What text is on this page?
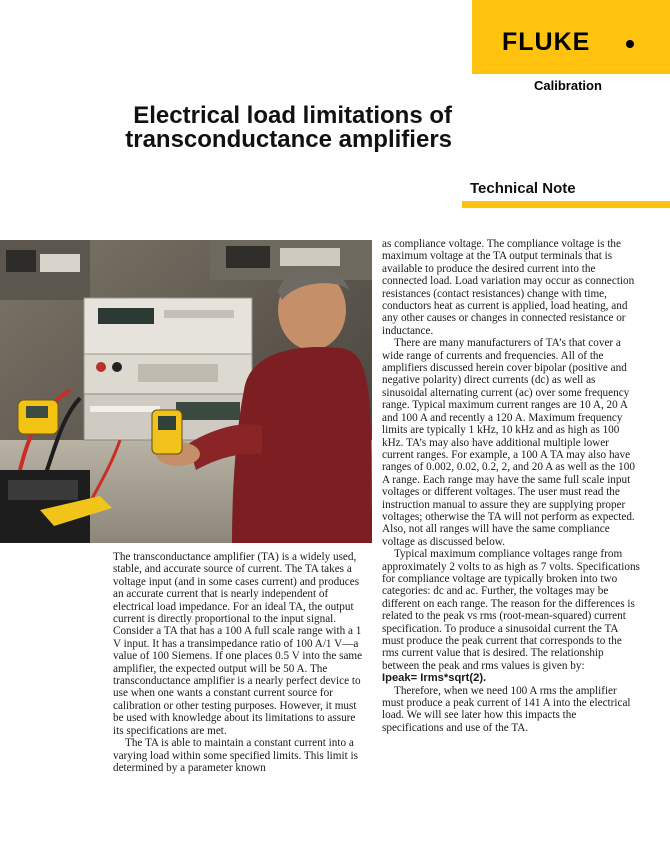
FLUKE
Calibration
Electrical load limitations of transconductance amplifiers
Technical Note

The transconductance amplifier (TA) is a widely used, stable, and accurate source of current. The TA takes a voltage input (and in some cases current) and produces an accurate current that is nearly independent of electrical load impedance. For an ideal TA, the output current is directly proportional to the input signal. Consider a TA that has a 100 A full scale range with a 1 V input. It has a transimpedance ratio of 100 A/1 V—a value of 100 Siemens. If one places 0.5 V into the same amplifier, the expected output will be 50 A. The transconductance amplifier is a nearly perfect device to use when one wants a constant current source for calibration or other testing purposes. However, it must be used with knowledge about its limitations to assure its specifications are met.

The TA is able to maintain a constant current into a varying load within some specified limits. This limit is determined by a parameter known

as compliance voltage. The compliance voltage is the maximum voltage at the TA output terminals that is available to produce the desired current into the connected load. Load variation may occur as connection resistances (contact resistances) change with time, conductors heat as current is applied, load heating, and any other causes or changes in connected resistance or inductance.

There are many manufacturers of TA’s that cover a wide range of currents and frequencies. All of the amplifiers discussed herein cover bipolar (positive and negative polarity) direct currents (dc) as well as sinusoidal alternating current (ac) over some frequency range. Typical maximum current ranges are 10 A, 20 A and 100 A and recently a 120 A. Maximum frequency limits are typically 1 kHz, 10 kHz and as high as 100 kHz. TA’s may also have additional multiple lower current ranges. For example, a 100 A TA may also have ranges of 0.002, 0.02, 0.2, 2, and 20 A as well as the 100 A range. Each range may have the same full scale input voltages or different voltages. The user must read the instruction manual to assure they are supplying proper voltages; otherwise the TA will not perform as expected. Also, not all ranges will have the same compliance voltage as discussed below.

Typical maximum compliance voltages range from approximately 2 volts to as high as 7 volts. Specifications for compliance voltage are typically broken into two categories: dc and ac. Further, the voltages may be different on each range. The reason for the differences is related to the peak vs rms (root-mean-squared) current specification. To produce a sinusoidal current the TA must produce the peak current that corresponds to the rms current value that is desired. The relationship between the peak and rms values is given by:

Ipeak= Irms*sqrt(2).

Therefore, when we need 100 A rms the amplifier must produce a peak current of 141 A into the electrical load. We will see later how this impacts the specifications and use of the TA.
